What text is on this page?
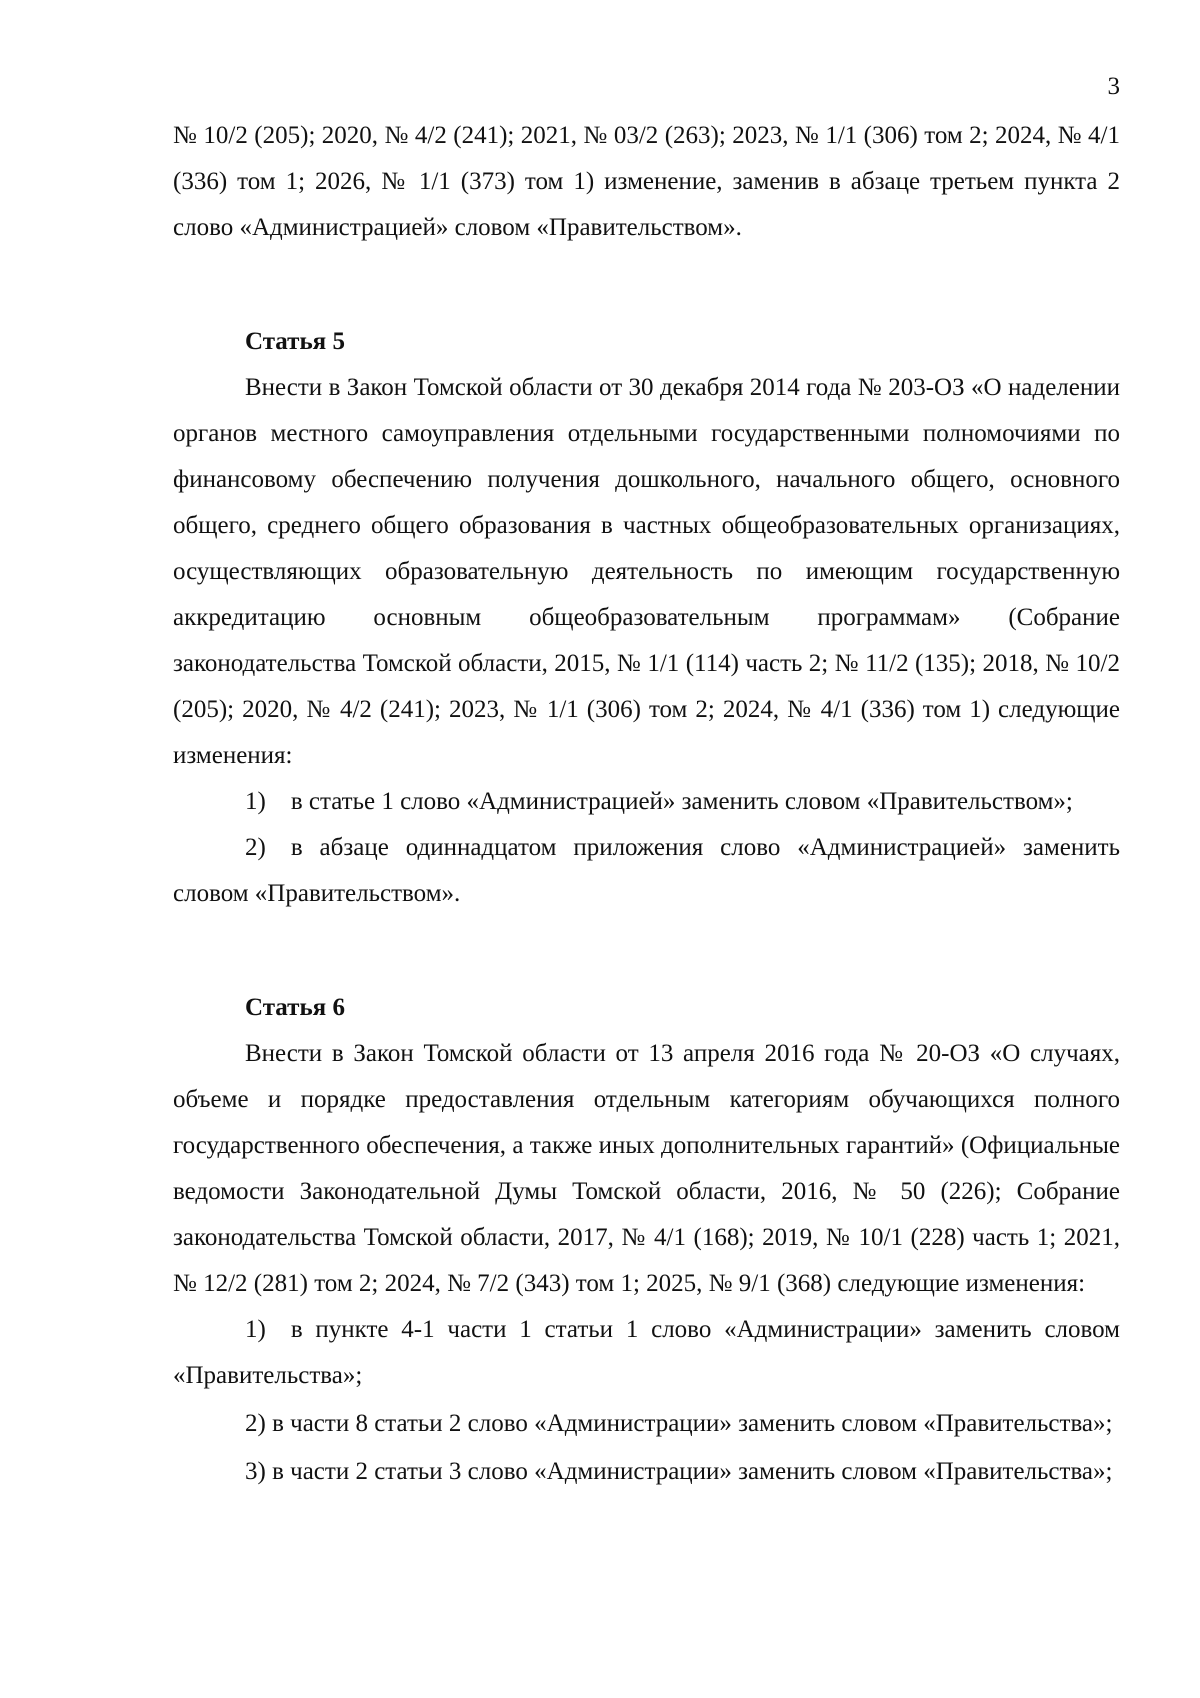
3

№ 10/2 (205); 2020, № 4/2 (241); 2021, № 03/2 (263); 2023, № 1/1 (306) том 2; 2024, № 4/1 (336) том 1; 2026, № 1/1 (373) том 1) изменение, заменив в абзаце третьем пункта 2 слово «Администрацией» словом «Правительством».

Статья 5

Внести в Закон Томской области от 30 декабря 2014 года № 203-ОЗ «О наделении органов местного самоуправления отдельными государственными полномочиями по финансовому обеспечению получения дошкольного, начального общего, основного общего, среднего общего образования в частных общеобразовательных организациях, осуществляющих образовательную деятельность по имеющим государственную аккредитацию основным общеобразовательным программам» (Собрание законодательства Томской области, 2015, № 1/1 (114) часть 2; № 11/2 (135); 2018, № 10/2 (205); 2020, № 4/2 (241); 2023, № 1/1 (306) том 2; 2024, № 4/1 (336) том 1) следующие изменения:

1) в статье 1 слово «Администрацией» заменить словом «Правительством»;

2) в абзаце одиннадцатом приложения слово «Администрацией» заменить словом «Правительством».

Статья 6

Внести в Закон Томской области от 13 апреля 2016 года № 20-ОЗ «О случаях, объеме и порядке предоставления отдельным категориям обучающихся полного государственного обеспечения, а также иных дополнительных гарантий» (Официальные ведомости Законодательной Думы Томской области, 2016, № 50 (226); Собрание законодательства Томской области, 2017, № 4/1 (168); 2019, № 10/1 (228) часть 1; 2021, № 12/2 (281) том 2; 2024, № 7/2 (343) том 1; 2025, № 9/1 (368) следующие изменения:

1) в пункте 4-1 части 1 статьи 1 слово «Администрации» заменить словом «Правительства»;

2) в части 8 статьи 2 слово «Администрации» заменить словом «Правительства»;

3) в части 2 статьи 3 слово «Администрации» заменить словом «Правительства»;
